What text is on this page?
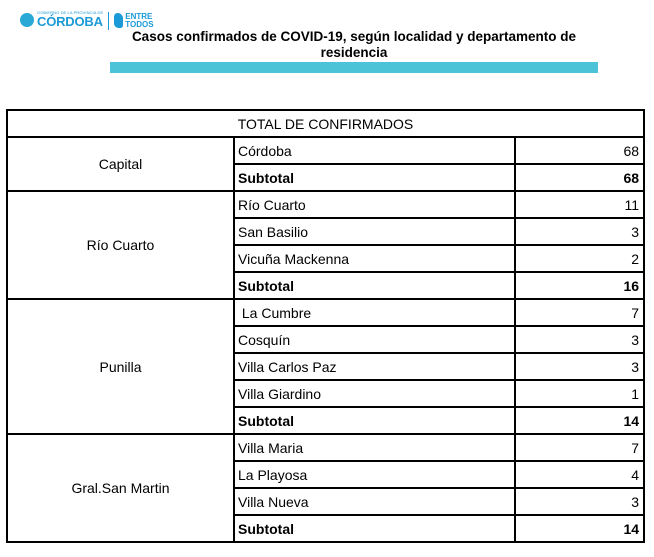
GOBIERNO DE LA PROVINCIA DE
CÓRDOBA	ENTRE
TODOS
Casos confirmados de COVID-19, según localidad y departamento de residencia
TOTAL DE CONFIRMADOS		
Capital	Córdoba	68
	Subtotal	68
Río Cuarto	Río Cuarto	11
	San Basilio	3
	Vicuña Mackenna	2
	Subtotal	16
Punilla	La Cumbre	7
	Cosquín	3
	Villa Carlos Paz	3
	Villa Giardino	1
	Subtotal	14
Gral.San Martin	Villa Maria	7
	La Playosa	4
	Villa Nueva	3
	Subtotal	14
